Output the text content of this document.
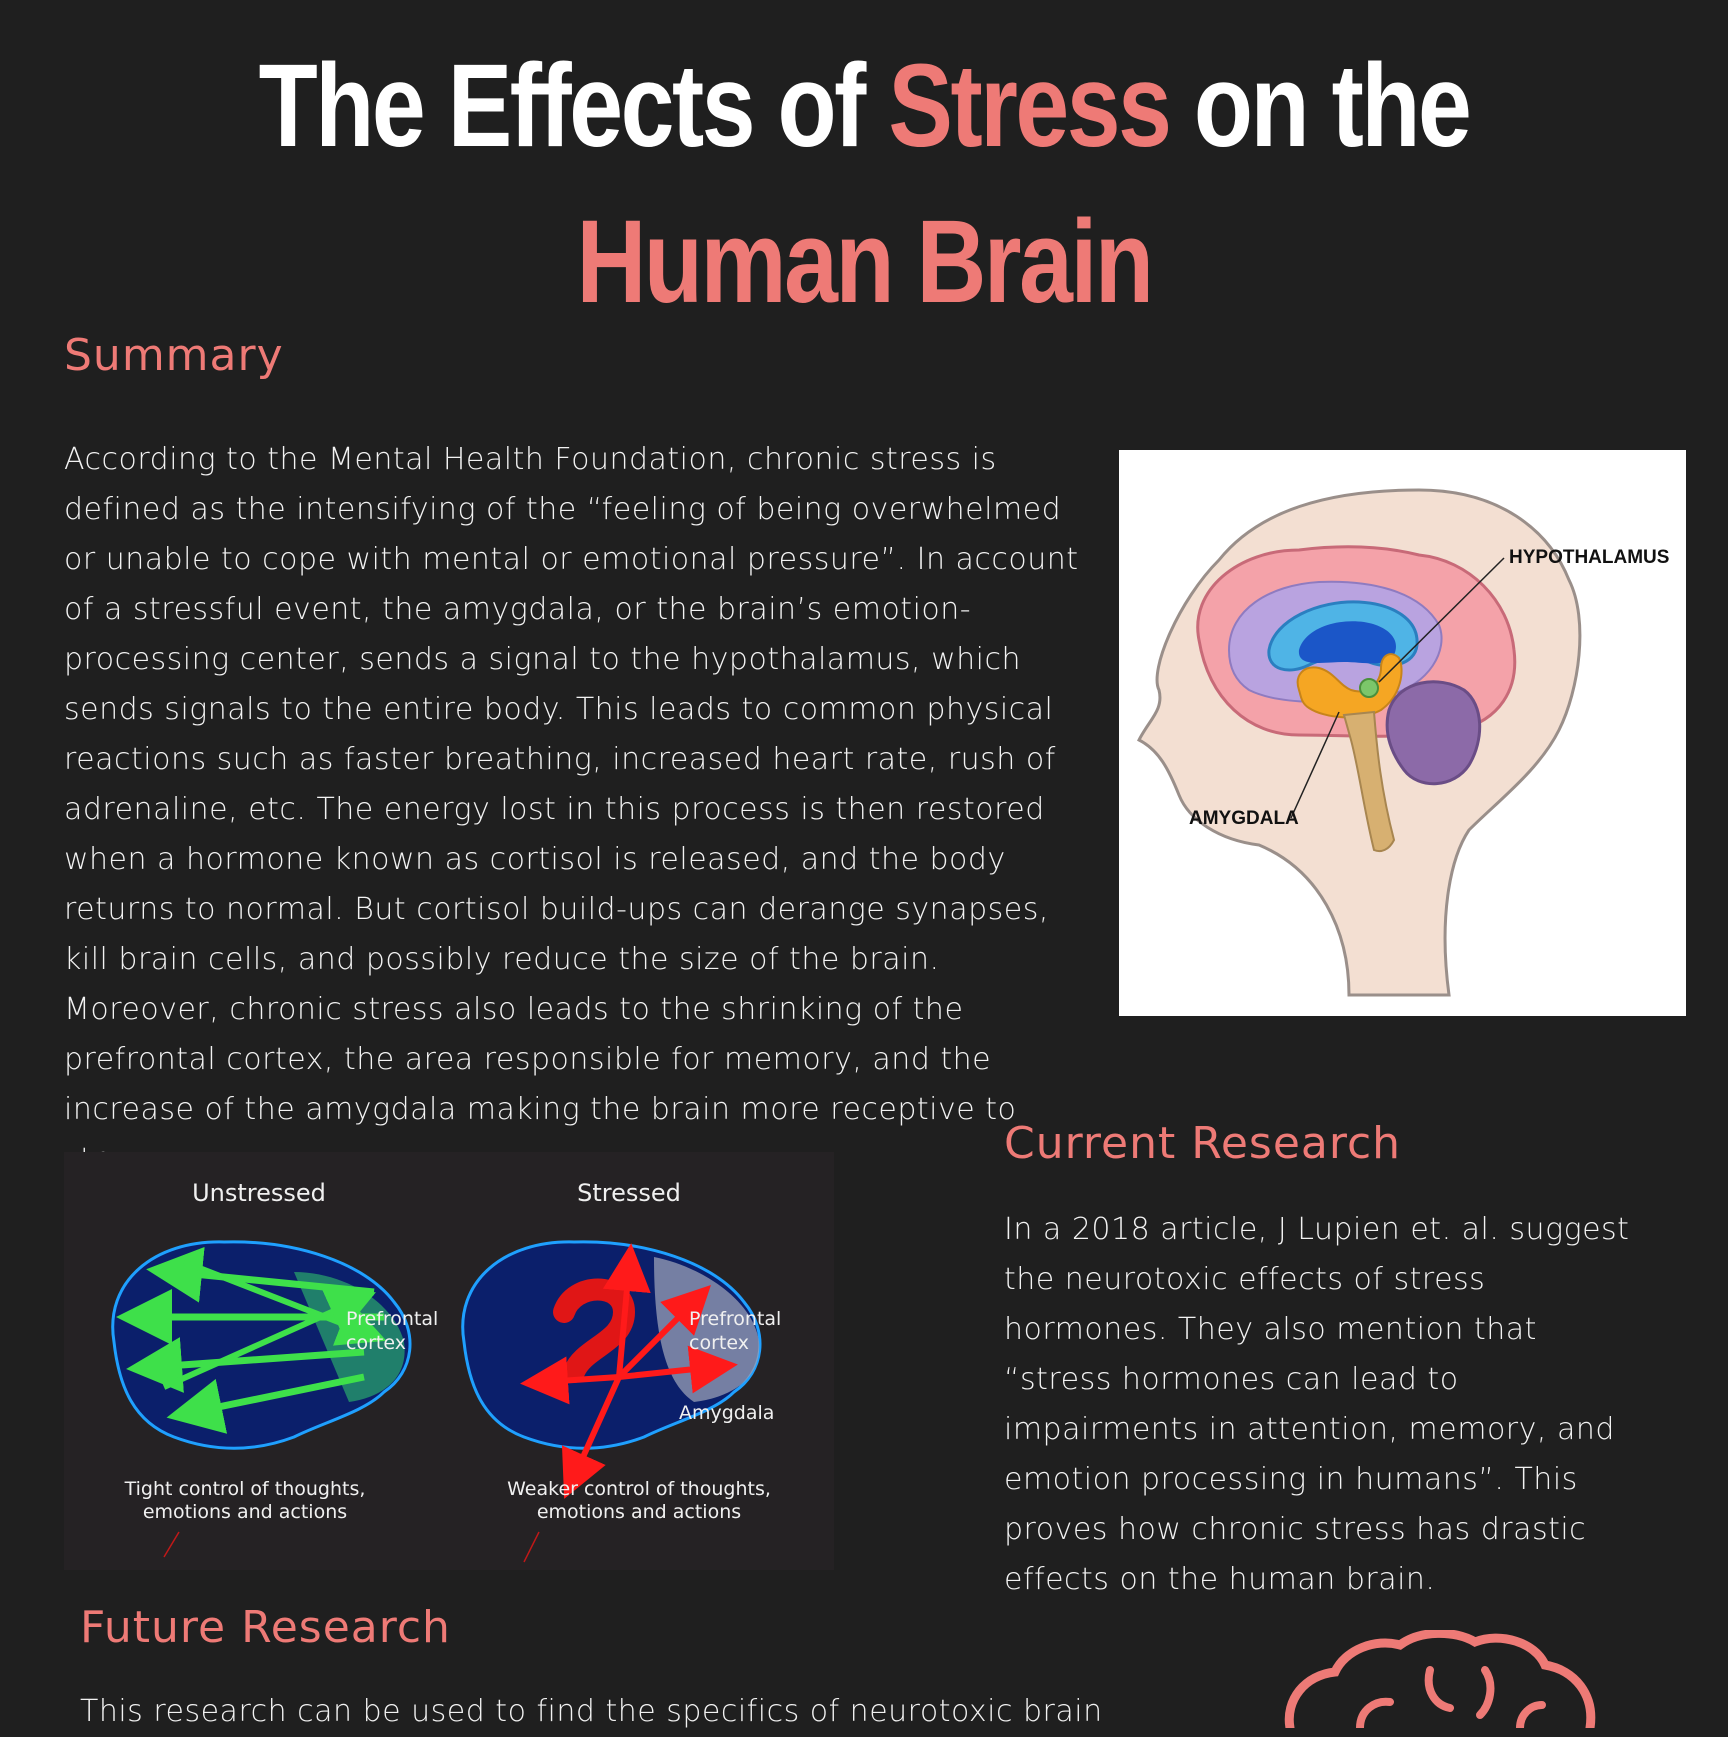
The Effects of Stress on the
Human Brain
Summary

According to the Mental Health Foundation, chronic stress is defined as the intensifying of the “feeling of being overwhelmed or unable to cope with mental or emotional pressure”. In account of a stressful event, the amygdala, or the brain’s emotion-processing center, sends a signal to the hypothalamus, which sends signals to the entire body. This leads to common physical reactions such as faster breathing, increased heart rate, rush of adrenaline, etc. The energy lost in this process is then restored when a hormone known as cortisol is released, and the body returns to normal. But cortisol build-ups can derange synapses, kill brain cells, and possibly reduce the size of the brain. Moreover, chronic stress also leads to the shrinking of the prefrontal cortex, the area responsible for memory, and the increase of the amygdala making the brain more receptive to

HYPOTHALAMUS
AMYGDALA
Unstressed	Stressed
Prefrontal
cortex
Prefrontal
cortex
Amygdala
Tight control of thoughts,
emotions and actions
Weaker control of thoughts,
emotions and actions
Current Research

In a 2018 article, J Lupien et. al. suggest the neurotoxic effects of stress hormones. They also mention that “stress hormones can lead to impairments in attention, memory, and emotion processing in humans”. This proves how chronic stress has drastic effects on the human brain.

Future Research

This research can be used to find the specifics of neurotoxic brain
